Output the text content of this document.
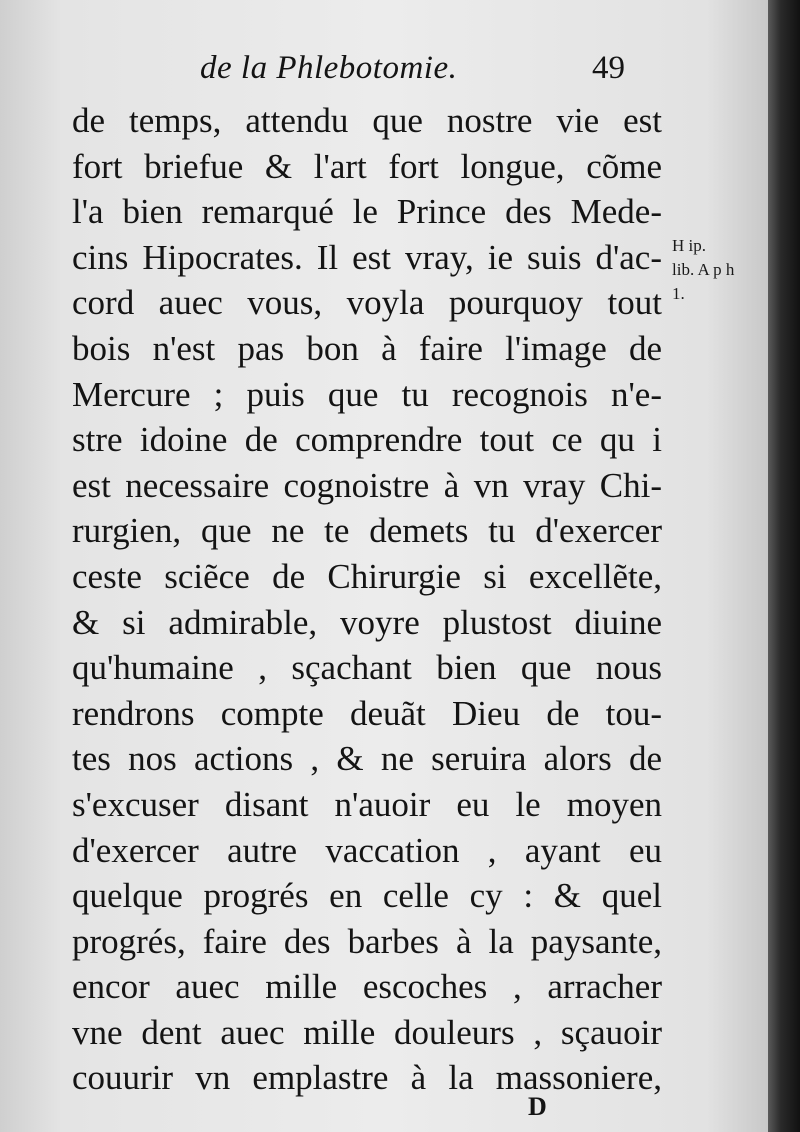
de la Phlebotomie.	49
de temps, attendu que nostre vie est
fort briefue & l'art fort longue, cõme
l'a bien remarqué le Prince des Mede-
cins Hipocrates. Il est vray, ie suis d'ac-
cord auec vous, voyla pourquoy tout
bois n'est pas bon à faire l'image de
Mercure ; puis que tu recognois n'e-
stre idoine de comprendre tout ce qu i
est necessaire cognoistre à vn vray Chi-
rurgien, que ne te demets tu d'exercer
ceste sciẽce de Chirurgie si excellẽte,
& si admirable, voyre plustost diuine
qu'humaine , sçachant bien que nous
rendrons compte deuãt Dieu de tou-
tes nos actions , & ne seruira alors de
s'excuser disant n'auoir eu le moyen
d'exercer autre vaccation , ayant eu
quelque progrés en celle cy : & quel
progrés, faire des barbes à la paysante,
encor auec mille escoches , arracher
vne dent auec mille douleurs , sçauoir
couurir vn emplastre à la massoniere,
H ip.
lib. A p h
1.
D
